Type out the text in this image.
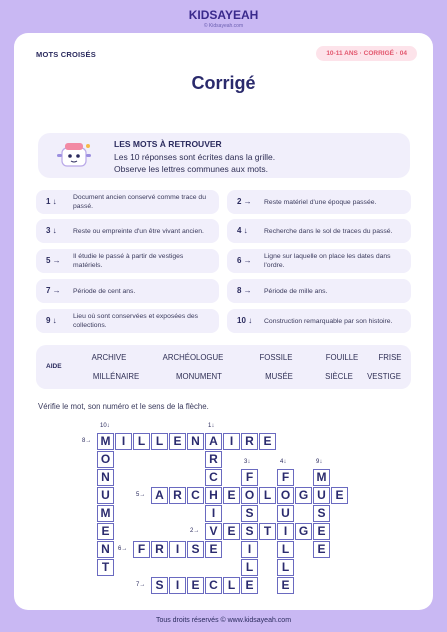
KIDSAYEAH
© Kidsayeah.com
MOTS CROISÉS	10-11 ANS · CORRIGÉ · 04
Corrigé
LES MOTS À RETROUVER
Les 10 réponses sont écrites dans la grille.
Observe les lettres communes aux mots.
1 ↓	Document ancien conservé comme trace du passé.
2 →	Reste matériel d'une époque passée.
3 ↓	Reste ou empreinte d'un être vivant ancien.	4 ↓	Recherche dans le sol de traces du passé.
5 →	Il étudie le passé à partir de vestiges matériels.
6 →	Ligne sur laquelle on place les dates dans l'ordre.
7 →	Période de cent ans.	8 →	Période de mille ans.
9 ↓	Lieu où sont conservées et exposées des collections.
10 ↓	Construction remarquable par son histoire.
AIDE
ARCHIVE	ARCHÉOLOGUE	FOSSILE	FOUILLE	FRISE
MILLÉNAIRE	MONUMENT	MUSÉE	SIÈCLE VESTIGE
Vérifie le mot, son numéro et le sens de la flèche.
10↓	1↓
3↓	4↓	9↓
8→
5→
2→
6→
7→
M I	L L E N A	I R E
O
N
U
M
E
N
T
R
C
H
I
V
E
A R C	E O L O G U E
F
S
S
I
L
E
F
U
I
L
L
E
M
S
E
E
E	T	G
F R	I	S
S	I	E C L
Tous droits réservés © www.kidsayeah.com
